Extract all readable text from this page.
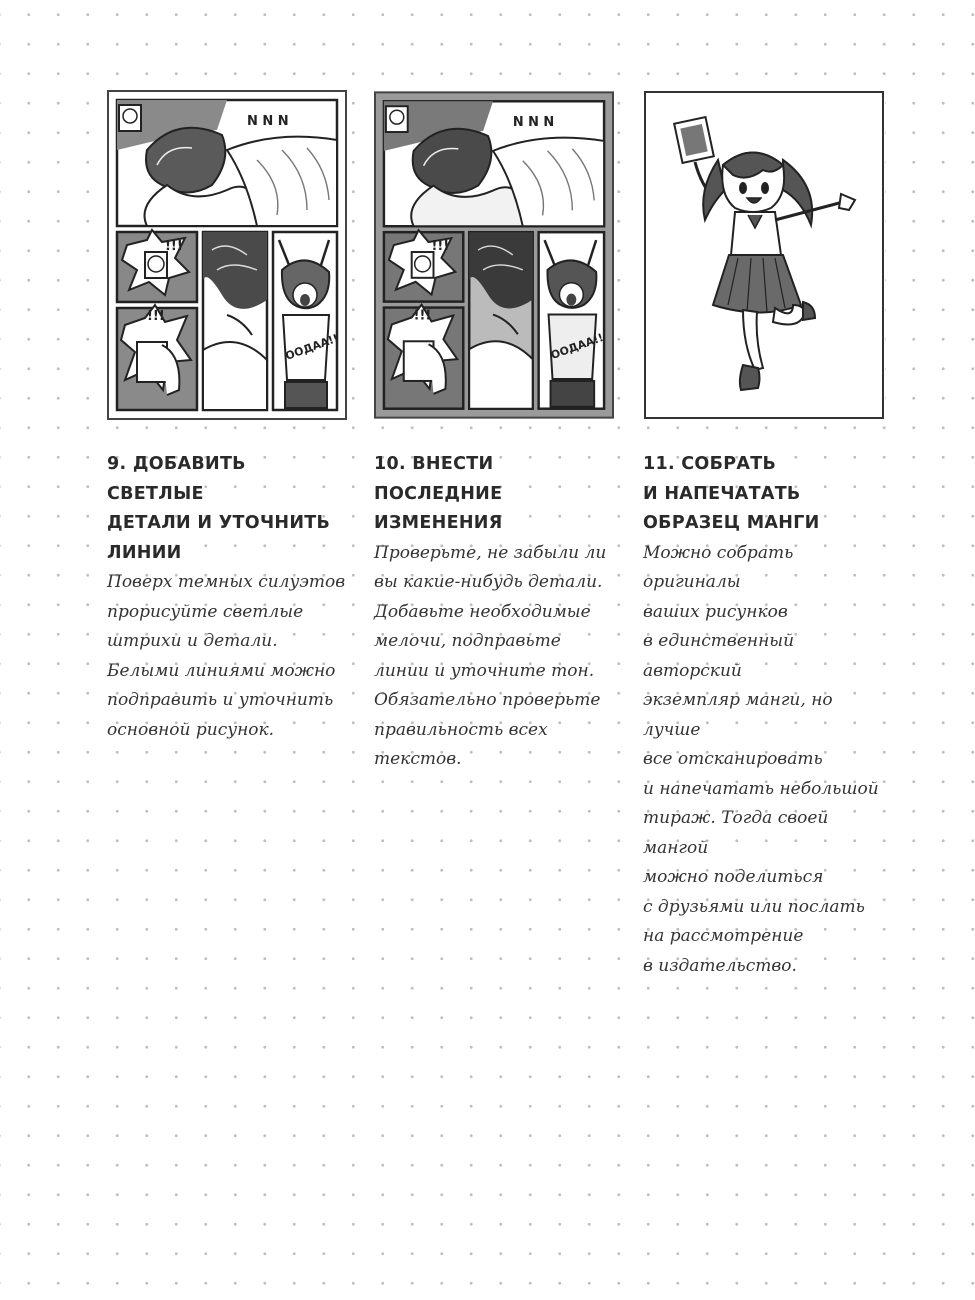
N N N
!!!
!!!
ООДАА!!
9. ДОБАВИТЬ СВЕТЛЫЕ
ДЕТАЛИ И УТОЧНИТЬ
ЛИНИИ
Поверх темных силуэтов
прорисуйте светлые
штрихи и детали.
Белыми линиями можно
подправить и уточнить
основной рисунок.
N N N
!!!
!!!
ООДАА!!
10. ВНЕСТИ
ПОСЛЕДНИЕ
ИЗМЕНЕНИЯ
Проверьте, не забыли ли
вы какие-нибудь детали.
Добавьте необходимые
мелочи, подправьте
линии и уточните тон.
Обязательно проверьте
правильность всех
текстов.
11. СОБРАТЬ
И НАПЕЧАТАТЬ
ОБРАЗЕЦ МАНГИ
Можно собрать оригиналы
ваших рисунков
в единственный авторский
экземпляр манги, но лучше
все отсканировать
и напечатать небольшой
тираж. Тогда своей мангой
можно поделиться
с друзьями или послать
на рассмотрение
в издательство.
